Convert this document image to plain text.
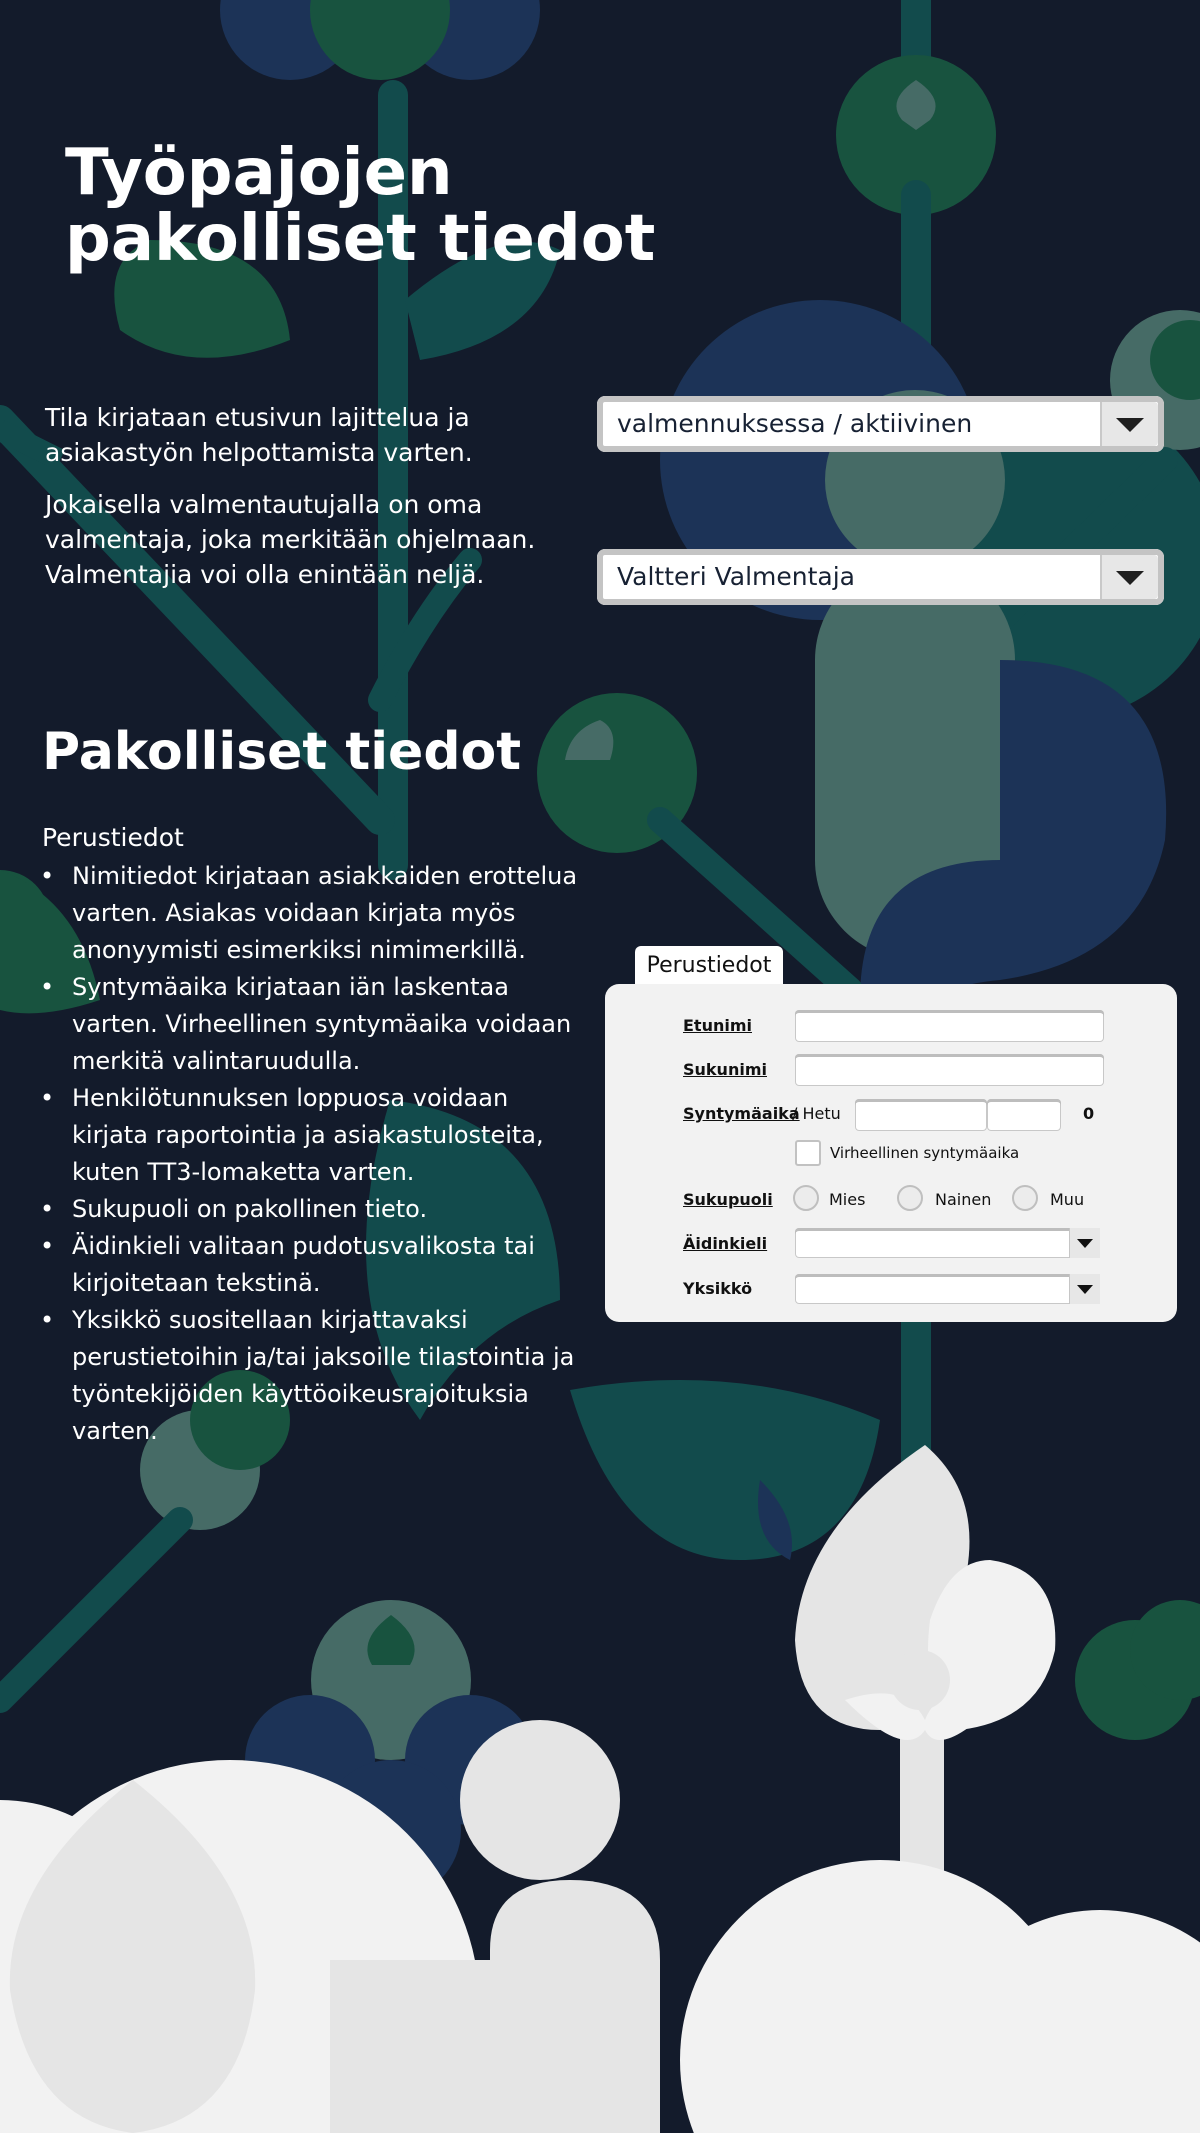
Työpajojen
pakolliset tiedot
Tila kirjataan etusivun lajittelua ja asiakastyön helpottamista varten.
Jokaisella valmentautujalla on oma valmentaja, joka merkitään ohjelmaan. Valmentajia voi olla enintään neljä.
valmennuksessa / aktiivinen
Valtteri Valmentaja
Pakolliset tiedot
Perustiedot
• Nimitiedot kirjataan asiakkaiden erottelua varten. Asiakas voidaan kirjata myös anonyymisti esimerkiksi nimimerkillä.
• Syntymäaika kirjataan iän laskentaa varten. Virheellinen syntymäaika voidaan merkitä valintaruudulla.
• Henkilötunnuksen loppuosa voidaan kirjata raportointia ja asiakastulosteita, kuten TT3-lomaketta varten.
• Sukupuoli on pakollinen tieto.
• Äidinkieli valitaan pudotusvalikosta tai kirjoitetaan tekstinä.
• Yksikkö suositellaan kirjattavaksi perustietoihin ja/tai jaksoille tilastointia ja työntekijöiden käyttöoikeusrajoituksia varten.
Perustiedot
Etunimi
Sukunimi
Syntymäaika
/ Hetu	0
Virheellinen syntymäaika
Sukupuoli	Mies	Nainen	Muu
Äidinkieli
Yksikkö
